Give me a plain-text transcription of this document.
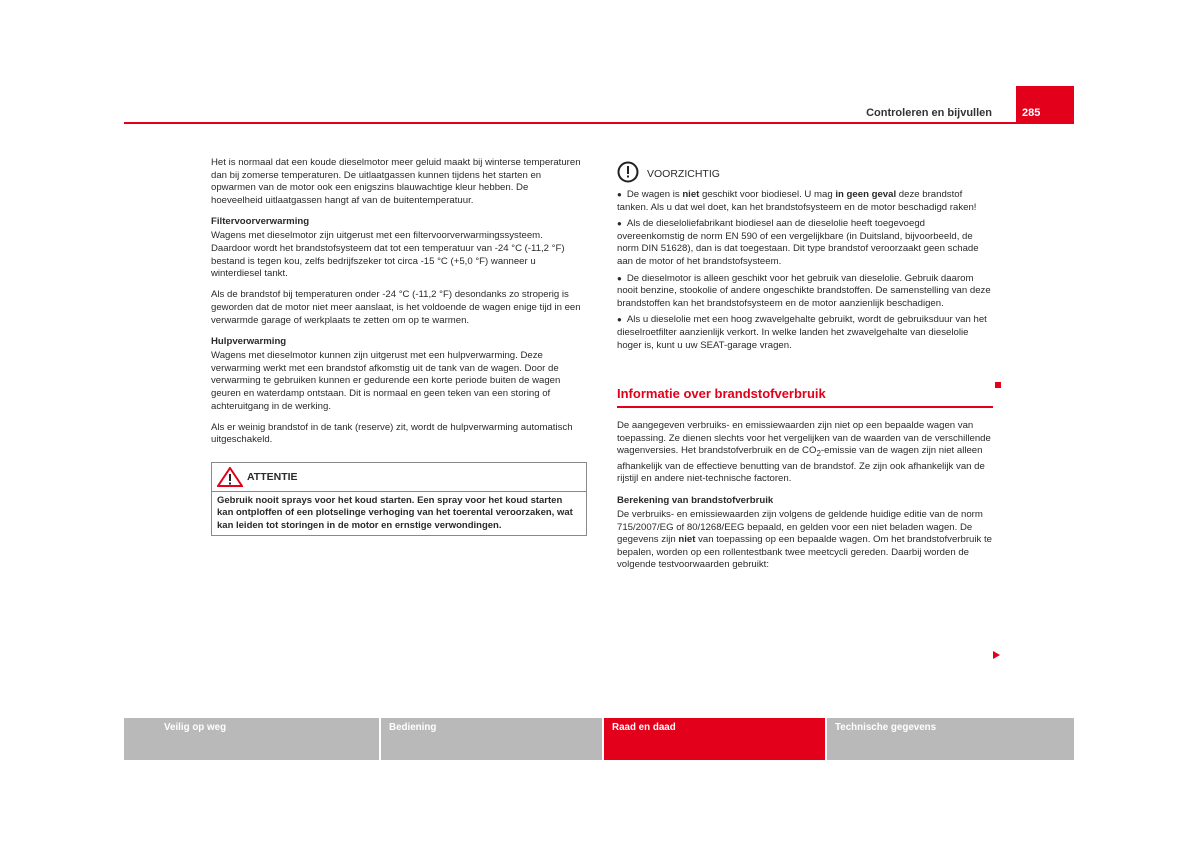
Controleren en bijvullen	285

Het is normaal dat een koude dieselmotor meer geluid maakt bij winterse temperaturen dan bij zomerse temperaturen. De uitlaatgassen kunnen tijdens het starten en opwarmen van de motor ook een enigszins blauwachtige kleur hebben. De hoeveelheid uitlaatgassen hangt af van de buitentemperatuur.

Filtervoorverwarming

Wagens met dieselmotor zijn uitgerust met een filtervoorverwarmingssysteem. Daardoor wordt het brandstofsysteem dat tot een temperatuur van -24 °C (-11,2 °F) bestand is tegen kou, zelfs bedrijfszeker tot circa -15 °C (+5,0 °F) wanneer u winterdiesel tankt.

Als de brandstof bij temperaturen onder -24 °C (-11,2 °F) desondanks zo stroperig is geworden dat de motor niet meer aanslaat, is het voldoende de wagen enige tijd in een verwarmde garage of werkplaats te zetten om op te warmen.

Hulpverwarming

Wagens met dieselmotor kunnen zijn uitgerust met een hulpverwarming. Deze verwarming werkt met een brandstof afkomstig uit de tank van de wagen. Door de verwarming te gebruiken kunnen er gedurende een korte periode buiten de wagen geuren en waterdamp ontstaan. Dit is normaal en geen teken van een storing of achteruitgang in de werking.

Als er weinig brandstof in de tank (reserve) zit, wordt de hulpverwarming automatisch uitgeschakeld.

ATTENTIE
Gebruik nooit sprays voor het koud starten. Een spray voor het koud starten kan ontploffen of een plotselinge verhoging van het toerental veroorzaken, wat kan leiden tot storingen in de motor en ernstige verwondingen.
VOORZICHTIG
● De wagen is niet geschikt voor biodiesel. U mag in geen geval deze brandstof tanken. Als u dat wel doet, kan het brandstofsysteem en de motor beschadigd raken!
● Als de dieseloliefabrikant biodiesel aan de dieselolie heeft toegevoegd overeenkomstig de norm EN 590 of een vergelijkbare (in Duitsland, bijvoorbeeld, de norm DIN 51628), dan is dat toegestaan. Dit type brandstof veroorzaakt geen schade aan de motor of het brandstofsysteem.
● De dieselmotor is alleen geschikt voor het gebruik van dieselolie. Gebruik daarom nooit benzine, stookolie of andere ongeschikte brandstoffen. De samenstelling van deze brandstoffen kan het brandstofsysteem en de motor aanzienlijk beschadigen.
● Als u dieselolie met een hoog zwavelgehalte gebruikt, wordt de gebruiksduur van het dieselroetfilter aanzienlijk verkort. In welke landen het zwavelgehalte van dieselolie hoger is, kunt u uw SEAT-garage vragen.
Informatie over brandstofverbruik

De aangegeven verbruiks- en emissiewaarden zijn niet op een bepaalde wagen van toepassing. Ze dienen slechts voor het vergelijken van de waarden van de verschillende wagenversies. Het brandstofverbruik en de $CO_2$-emissie van de wagen zijn niet alleen afhankelijk van de effectieve benutting van de brandstof. Ze zijn ook afhankelijk van de rijstijl en andere niet-technische factoren.

Berekening van brandstofverbruik

De verbruiks- en emissiewaarden zijn volgens de geldende huidige editie van de norm 715/2007/EG of 80/1268/EEG bepaald, en gelden voor een niet beladen wagen. De gegevens zijn niet van toepassing op een bepaalde wagen. Om het brandstofverbruik te bepalen, worden op een rollentestbank twee meetcycli gereden. Daarbij worden de volgende testvoorwaarden gebruikt:

Veilig op weg	Bediening	Raad en daad	Technische gegevens
